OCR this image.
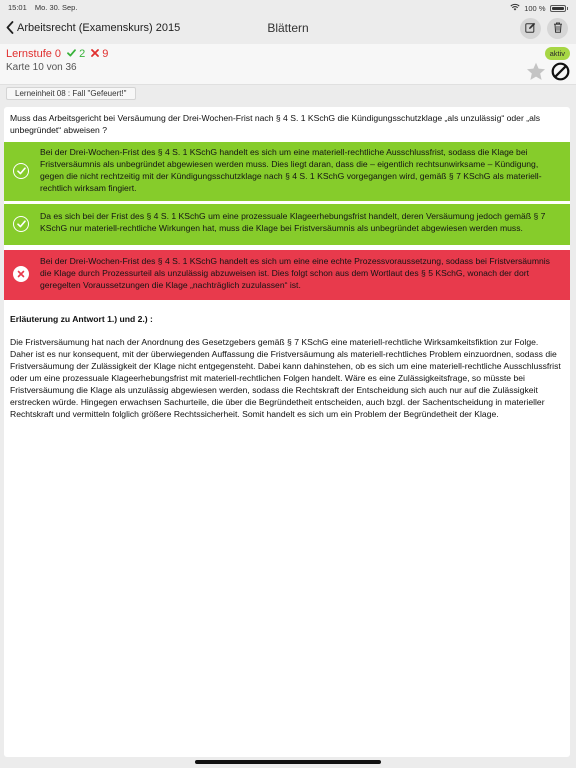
15:01 Mo. 30. Sep.	100 %
Arbeitsrecht (Examenskurs) 2015	Blättern
Lernstufe 0	2	9
Karte 10 von 36
aktiv
Lerneinheit 08 : Fall "Gefeuert!"
Muss das Arbeitsgericht bei Versäumung der Drei-Wochen-Frist nach § 4 S. 1 KSchG die Kündigungsschutzklage „als unzulässig“ oder „als unbegründet“ abweisen ?
Bei der Drei-Wochen-Frist des § 4 S. 1 KSchG handelt es sich um eine materiell-rechtliche Ausschlussfrist, sodass die Klage bei Fristversäumnis als unbegründet abgewiesen werden muss. Dies liegt daran, dass die – eigentlich rechtsunwirksame – Kündigung, gegen die nicht rechtzeitig mit der Kündigungsschutzklage nach § 4 S. 1 KSchG vorgegangen wird, gemäß § 7 KSchG als materiell-rechtlich wirksam fingiert.
Da es sich bei der Frist des § 4 S. 1 KSchG um eine prozessuale Klageerhebungsfrist handelt, deren Versäumung jedoch gemäß § 7 KSchG nur materiell-rechtliche Wirkungen hat, muss die Klage bei Fristversäumnis als unbegründet abgewiesen werden muss.
Bei der Drei-Wochen-Frist des § 4 S. 1 KSchG handelt es sich um eine eine echte Prozessvoraussetzung, sodass bei Fristversäumnis die Klage durch Prozessurteil als unzulässig abzuweisen ist. Dies folgt schon aus dem Wortlaut des § 5 KSchG, wonach der dort geregelten Voraussetzungen die Klage „nachträglich zuzulassen“ ist.
Erläuterung zu Antwort 1.) und 2.) :
Die Fristversäumung hat nach der Anordnung des Gesetzgebers gemäß § 7 KSchG eine materiell-rechtliche Wirksamkeitsfiktion zur Folge. Daher ist es nur konsequent, mit der überwiegenden Auffassung die Fristversäumung als materiell-rechtliches Problem einzuordnen, sodass die Fristversäumung der Zulässigkeit der Klage nicht entgegensteht. Dabei kann dahinstehen, ob es sich um eine materiell-rechtliche Ausschlussfrist oder um eine prozessuale Klageerhebungsfrist mit materiell-rechtlichen Folgen handelt. Wäre es eine Zulässigkeitsfrage, so müsste bei Fristversäumung die Klage als unzulässig abgewiesen werden, sodass die Rechtskraft der Entscheidung sich auch nur auf die Zulässigkeit erstrecken würde. Hingegen erwachsen Sachurteile, die über die Begründetheit entscheiden, auch bzgl. der Sachentscheidung in materieller Rechtskraft und vermitteln folglich größere Rechtssicherheit. Somit handelt es sich um ein Problem der Begründetheit der Klage.
